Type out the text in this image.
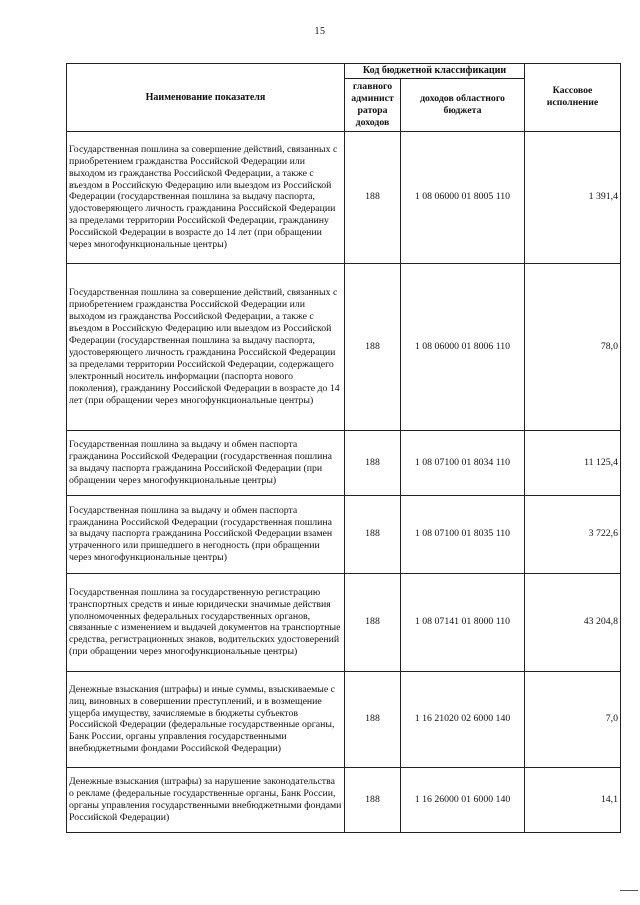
15
Наименование показателя	Код бюджетной классификации		Кассовое исполнение
	главного админист ратора доходов	доходов областного бюджета	
Государственная пошлина за совершение действий, связанных с приобретением гражданства Российской Федерации или выходом из гражданства Российской Федерации, а также с въездом в Российскую Федерацию или выездом из Российской Федерации (государственная пошлина за выдачу паспорта, удостоверяющего личность гражданина Российской Федерации за пределами территории Российской Федерации, гражданину Российской Федерации в возрасте до 14 лет (при обращении через многофункциональные центры)	188	1 08 06000 01 8005 110	1 391,4
Государственная пошлина за совершение действий, связанных с приобретением гражданства Российской Федерации или выходом из гражданства Российской Федерации, а также с въездом в Российскую Федерацию или выездом из Российской Федерации (государственная пошлина за выдачу паспорта, удостоверяющего личность гражданина Российской Федерации за пределами территории Российской Федерации, содержащего электронный носитель информации (паспорта нового поколения), гражданину Российской Федерации в возрасте до 14 лет (при обращении через многофункциональные центры)	188	1 08 06000 01 8006 110	78,0
Государственная пошлина за выдачу и обмен паспорта гражданина Российской Федерации (государственная пошлина за выдачу паспорта гражданина Российской Федерации (при обращении через многофункциональные центры)	188	1 08 07100 01 8034 110	11 125,4
Государственная пошлина за выдачу и обмен паспорта гражданина Российской Федерации (государственная пошлина за выдачу паспорта гражданина Российской Федерации взамен утраченного или пришедшего в негодность (при обращении через многофункциональные центры)	188	1 08 07100 01 8035 110	3 722,6
Государственная пошлина за государственную регистрацию транспортных средств и иные юридически значимые действия уполномоченных федеральных государственных органов, связанные с изменением и выдачей документов на транспортные средства, регистрационных знаков, водительских удостоверений (при обращении через многофункциональные центры)	188	1 08 07141 01 8000 110	43 204,8
Денежные взыскания (штрафы) и иные суммы, взыскиваемые с лиц, виновных в совершении преступлений, и в возмещение ущерба имуществу, зачисляемые в бюджеты субъектов Российской Федерации (федеральные государственные органы, Банк России, органы управления государственными внебюджетными фондами Российской Федерации)	188	1 16 21020 02 6000 140	7,0
Денежные взыскания (штрафы) за нарушение законодательства о рекламе (федеральные государственные органы, Банк России, органы управления государственными внебюджетными фондами Российской Федерации)	188	1 16 26000 01 6000 140	14,1
